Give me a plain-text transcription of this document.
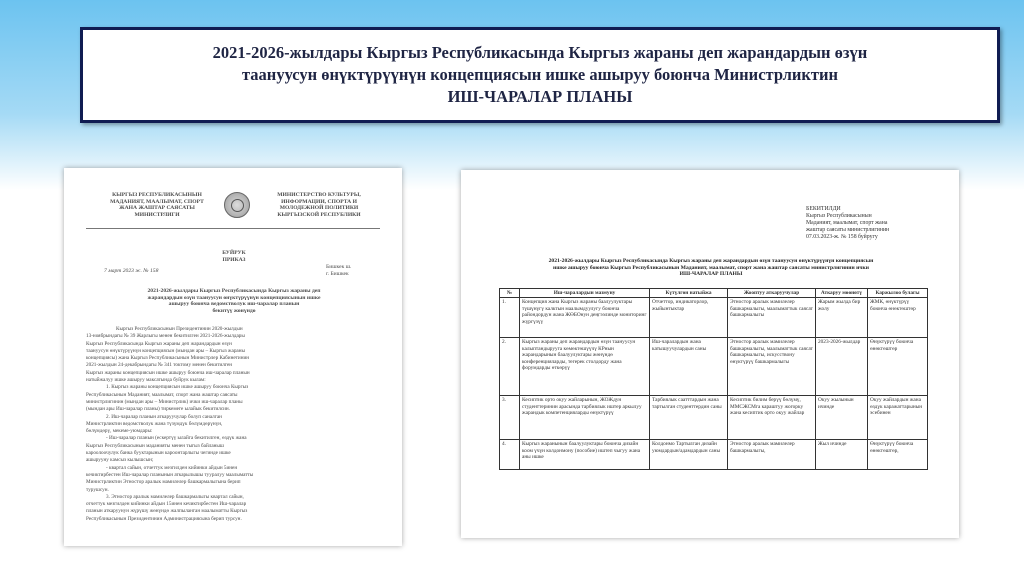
2021-2026-жылдары Кыргыз Республикасында Кыргыз жараны деп жарандардын өзүн
таануусун өнүктүрүүнүн концепциясын ишке ашыруу боюнча Министрликтин
ИШ-ЧАРАЛАР ПЛАНЫ
КЫРГЫЗ РЕСПУБЛИКАСЫНЫН
МАДАНИЯТ, МААЛЫМАТ, СПОРТ
ЖАНА ЖАШТАР САЯСАТЫ
МИНИСТРЛИГИ
МИНИСТЕРСТВО КУЛЬТУРЫ,
ИНФОРМАЦИИ, СПОРТА И
МОЛОДЕЖНОЙ ПОЛИТИКИ
КЫРГЫЗСКОЙ РЕСПУБЛИКИ
БУЙРУК
ПРИКАЗ
7 март 2023 ж. № 158
Бишкек ш.
г. Бишкек
2021-2026-жылдары Кыргыз Республикасында Кыргыз жараны деп
жарандардын өзүн таануусун өнүктүрүүнүн концепциясынын ишке
ашыруу боюнча ведомстволук иш-чаралар планын
бекитүү жөнүндө
Кыргыз Республикасынын Президентинин 2020-жылдын
13-ноябрындагы № 39 Жарлыгы менен бекитилген 2021-2026-жылдары
Кыргыз Республикасында Кыргыз жараны деп жарандардын өзүн
таануусун өнүктүрүүнүн концепциясын (мындан ары – Кыргыз жараны
концепциясы) жана Кыргыз Республикасынын Министрлер Кабинетинин
2021-жылдын 24-декабрындагы № 341 токтому менен бекитилген
Кыргыз жараны концепциясын ишке ашыруу боюнча иш-чаралар планын
натыйжалуу ишке ашыруу максатында буйрук кылам:
1. Кыргыз жараны концепциясын ишке ашыруу боюнча Кыргыз
Республикасынын Маданият, маалымат, спорт жана жаштар саясаты
министрлигинин (мындан ары – Министрлик) ички иш-чаралар планы
(мындан ары Иш-чаралар планы) тиркемеге ылайык бекитилсин.
2. Иш-чаралар планын аткаруучулар болуп саналган
Министрликтин ведомстволук жана түзүмдүк бөлүмдөрүнүн,
бөлүмдөрү, мекеме-уюмдары:
- Иш-чаралар планын (ескертүү ылайга бекитилген, өздүк жана
Кыргыз Республикасынын маданияты менен тыгыз байланыш
кароолоочулук банка бууктарынын кароонтарлыгы чегинде ишке
ашырууну камсыз кылышсын;
- квартал сайын, отчеттук мезгилден кийинки айдын 5инен
кечиктирбестен Иш-чаралар планынын аткарылышы тууралуу маалыматты
Министрликтин Этностор аралык мамилелер башкармалыгына берип
турушсун.
3. Этностор аралык мамилелер башкармалыгы квартал сайын,
отчеттук мезгилден кийинки айдын 15инен кечиктирбестен Иш-чаралар
планын аткаруунун жүрүшү жөнүндө жалпыланган маалыматты Кыргыз
Республикасынын Президентинин Администрациясына берип турсун.
БЕКИТИЛДИ
Кыргыз Республикасынын
Маданият, маалымат, спорт жана
жаштар саясаты министрлигинин
07.03.2023-ж. № 158 буйругу
2021-2026-жылдары Кыргыз Республикасында Кыргыз жараны деп жарандардын өзүн таануусун өнүктүрүүнүн концепциясын
ишке ашыруу боюнча Кыргыз Республикасынын Маданият, маалымат, спорт жана жаштар саясаты министрлигинин ички
ИШ-ЧАРАЛАР ПЛАНЫ
№	Иш-чаралардын мазмуну	Күтүлгөн натыйжа	Жооптуу аткаруучулар	Аткаруу мөөнөтү	Каржылоо булагы
1.	Концепция жана Кыргыз жараны баалуулуктары түшүнүгү калктын маалымдуулугу боюнча райондордун жана ЖӨБОнун деңгээлинде мониторинг жүргүзүү	Отчеттор, индикаторлор, жыйынтыктар	Этностор аралык мамилелер башкармалыгы, маалыматтык саясат башкармалыгы	Жарым жылда бир жолу	ЖМК, өнүктүрүү боюнча өнөктөштөр
2.	Кыргыз жараны деп жарандардын өзүн таануусун калыптандырууга көмөктөшүүчү КРнын жарандарынын баалуулуктары жөнүндө конференцияларды, тегерек столдорду жана форумдарды өткөрүү	Иш-чаралардын жана катышуучулардын саны	Этностор аралык мамилелер башкармалыгы, маалыматтык саясат башкармалыгы, искусствону өнүктүрүү башкармалыгы	2023-2026-жылдар	Өнүктүрүү боюнча өнөктөштөр
3.	Кесиптик орто окуу жайларынын, ЖОЖдун студенттеринин арасында тарбиялык иштер аркылуу жарандык компетенцияларды өнүктүрүү	Тарбиялык саатттардын жана тартылган студенттердин саны	Кесиптик билим берүү бөлүмү, ММСЖСМга караштуу жогорку жана кесиптик орто окуу жайлар	Окуу жылынын ичинде	Окуу жайлардын жана өздүк каражаттарынын эсебинен
4.	Кыргыз жаранынын баалуулуктары боюнча дизайн коом үчүн колдонмону (пособие) иштеп чыгуу жана аны ишке	Колдонмо Тартылган дизайн уюмдардын/адамдардын саны	Этностор аралык мамилелер башкармалыгы,	Жыл ичинде	Өнүктүрүү боюнча өнөктөштөр,
